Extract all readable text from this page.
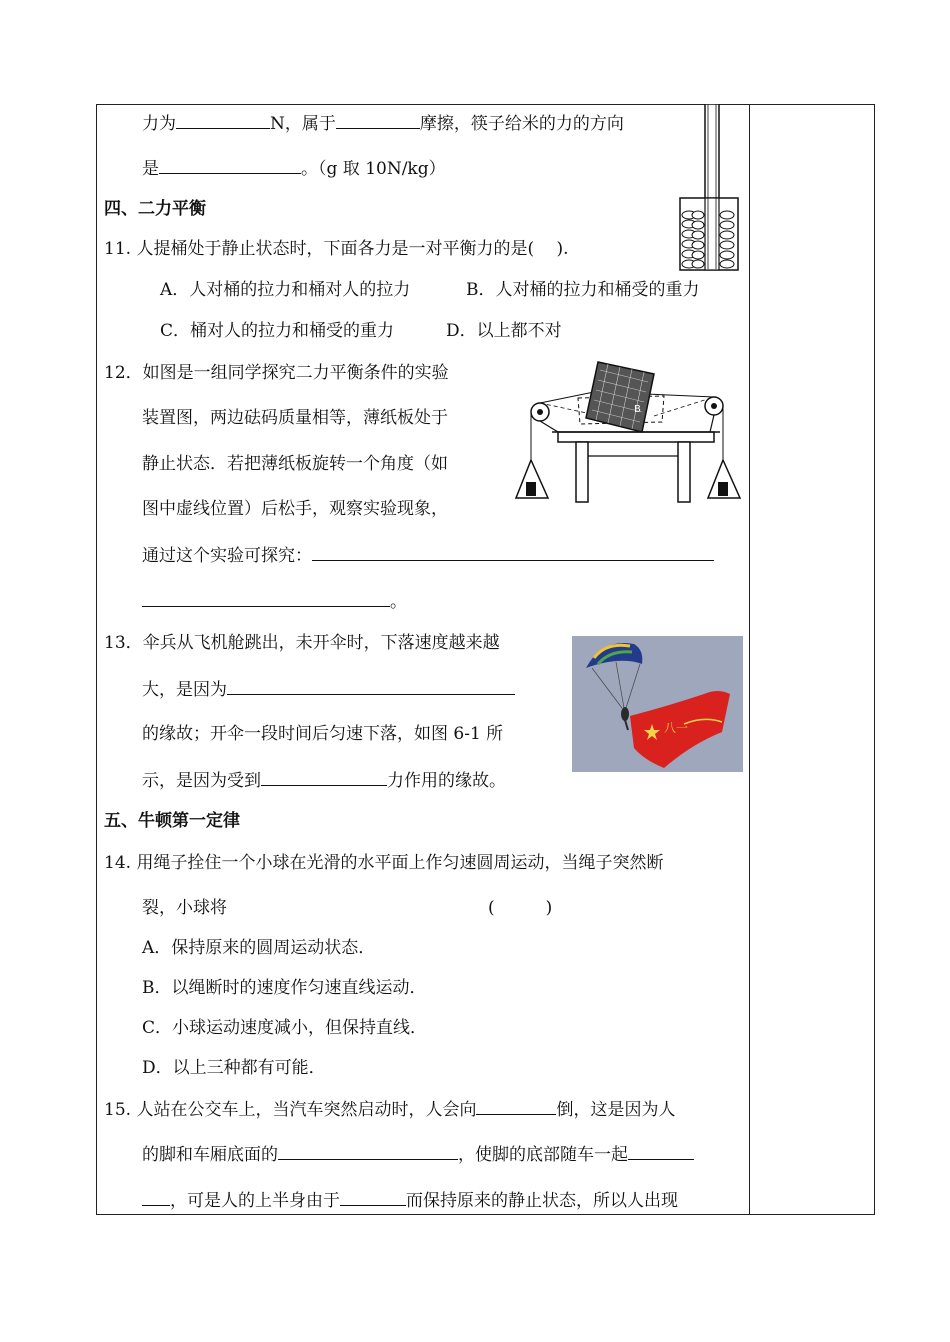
力为	N，属于	摩擦，筷子给米的力的方向
是	。（g 取 10N/kg）
四、二力平衡
11. 人提桶处于静止状态时，下面各力是一对平衡力的是(　 ).
A．人对桶的拉力和桶对人的拉力	B．人对桶的拉力和桶受的重力
C．桶对人的拉力和桶受的重力	D．以上都不对
12．如图是一组同学探究二力平衡条件的实验
装置图，两边砝码质量相等，薄纸板处于
静止状态．若把薄纸板旋转一个角度（如
图中虚线位置）后松手，观察实验现象，
通过这个实验可探究：
。
B
13．伞兵从飞机舱跳出，未开伞时，下落速度越来越
大，是因为
的缘故；开伞一段时间后匀速下落，如图 6-1 所
示，是因为受到	力作用的缘故。
八一
五、牛顿第一定律
14. 用绳子拴住一个小球在光滑的水平面上作匀速圆周运动，当绳子突然断
裂，小球将	(　　　)
A．保持原来的圆周运动状态．
B．以绳断时的速度作匀速直线运动．
C．小球运动速度减小，但保持直线．
D．以上三种都有可能．
15. 人站在公交车上，当汽车突然启动时，人会向	倒，这是因为人
的脚和车厢底面的	，使脚的底部随车一起
，可是人的上半身由于	而保持原来的静止状态，所以人出现
